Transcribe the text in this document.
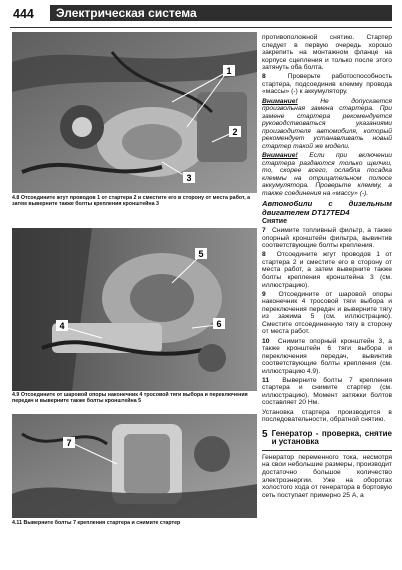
444	Электрическая система
1
2
3
4.8 Отсоедините жгут проводов 1 от стартера 2 и сместите его в сторону от места работ, а затем выверните также болты крепления кронштейна 3
4
5
6
4.9 Отсоедините от шаровой опоры наконечник 4 тросовой тяги выбора и переключения передач и выверните также болты кронштейна 5
7
4.11 Выверните болты 7 крепления стартера и снимите стартер

противоположной снятию. Стартер следует в первую очередь хорошо закрепить на монтажном фланце на корпусе сцепления и только после этого затянуть оба болта.

8	Проверьте работоспособность стартера, подсоединив клемму провода «массы» (-) к аккумулятору.

Внимание!	Не допускается произвольная замена стартера. При замене стартера рекомендуется руководствоваться указаниями производителя автомобиля, который рекомендует устанавливать новый стартер такой же модели.

Внимание! Если при включении стартера раздаются только щелчки, то, скорее всего, ослабла посадка клеммы на отрицательном полюсе аккумулятора. Проверьте клемму, а также соединения на «массу» (-).

Автомобили с дизельным двигателем DT17TED4
Снятие

7 Снимите топливный фильтр, а также опорный кронштейн фильтра, вывинтив соответствующие болты крепления.

8 Отсоедините жгут проводов 1 от стартера 2 и сместите его в сторону от места работ, а затем выверните также болты крепления кронштейна 3 (см. иллюстрацию).

9 Отсоедините от шаровой опоры наконечник 4 тросовой тяги выбора и переключения передач и выверните тягу из зажима 5 (см. иллюстрацию). Сместите отсоединенную тягу в сторону от места работ.

10 Снимите опорный кронштейн 3, а также кронштейн 6 тяги выбора и переключения передач, вывинтив соответствующие болты крепления (см. иллюстрацию 4.9).

11 Выверните болты 7 крепления стартера и снимите стартер (см. иллюстрацию). Момент затяжки болтов составляет 20 Нм.

Установка стартера производится в последовательности, обратной снятию.

5 Генератор - проверка, снятие и установка

Генератор переменного тока, несмотря на свои небольшие размеры, производит достаточно большое количество электроэнергии. Уже на оборотах холостого хода от генератора в бортовую сеть поступает примерно 25 А, а
